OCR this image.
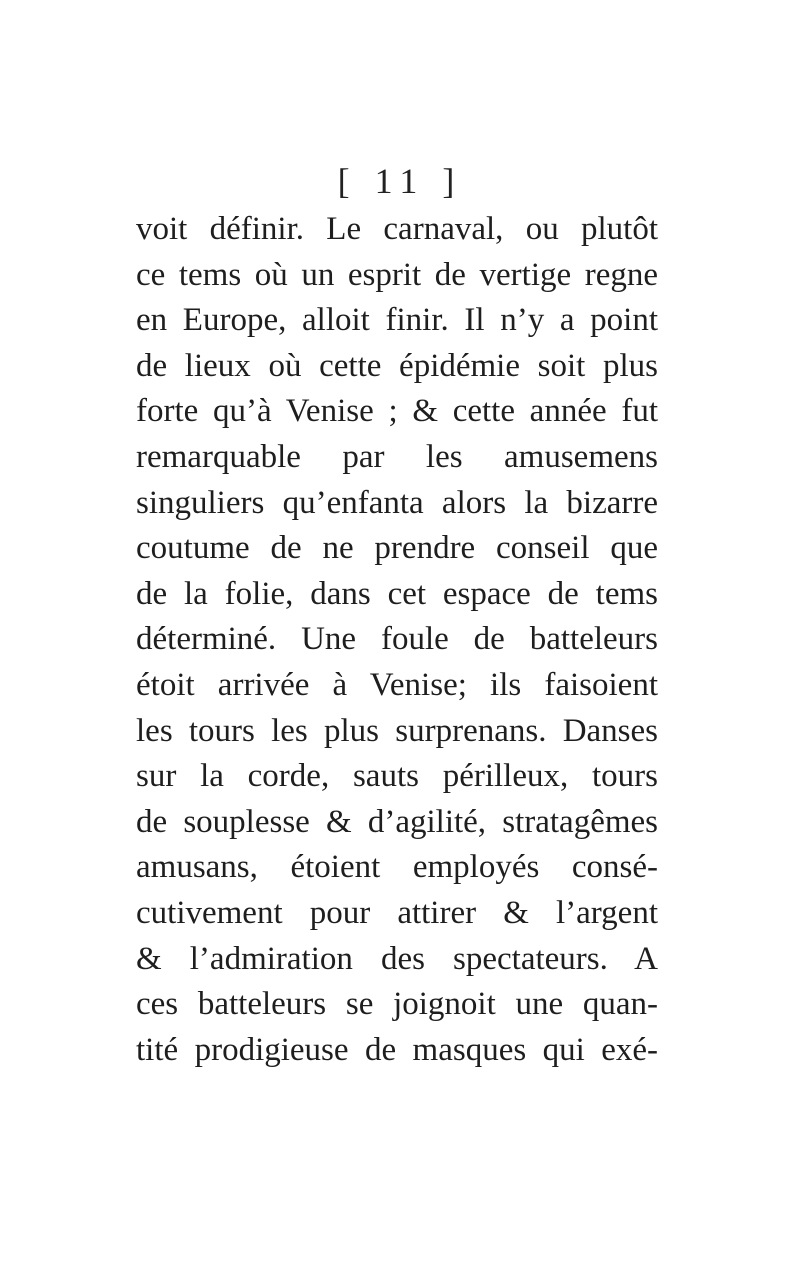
[ 11 ]
voit définir. Le carnaval, ou plutôt
ce tems où un esprit de vertige regne
en Europe, alloit finir. Il n’y a point
de lieux où cette épidémie soit plus
forte qu’à Venise ; & cette année fut
remarquable par les amusemens
singuliers qu’enfanta alors la bizarre
coutume de ne prendre conseil que
de la folie, dans cet espace de tems
déterminé. Une foule de batteleurs
étoit arrivée à Venise; ils faisoient
les tours les plus surprenans. Danses
sur la corde, sauts périlleux, tours
de souplesse & d’agilité, stratagêmes
amusans, étoient employés consé-
cutivement pour attirer & l’argent
& l’admiration des spectateurs. A
ces batteleurs se joignoit une quan-
tité prodigieuse de masques qui exé-
